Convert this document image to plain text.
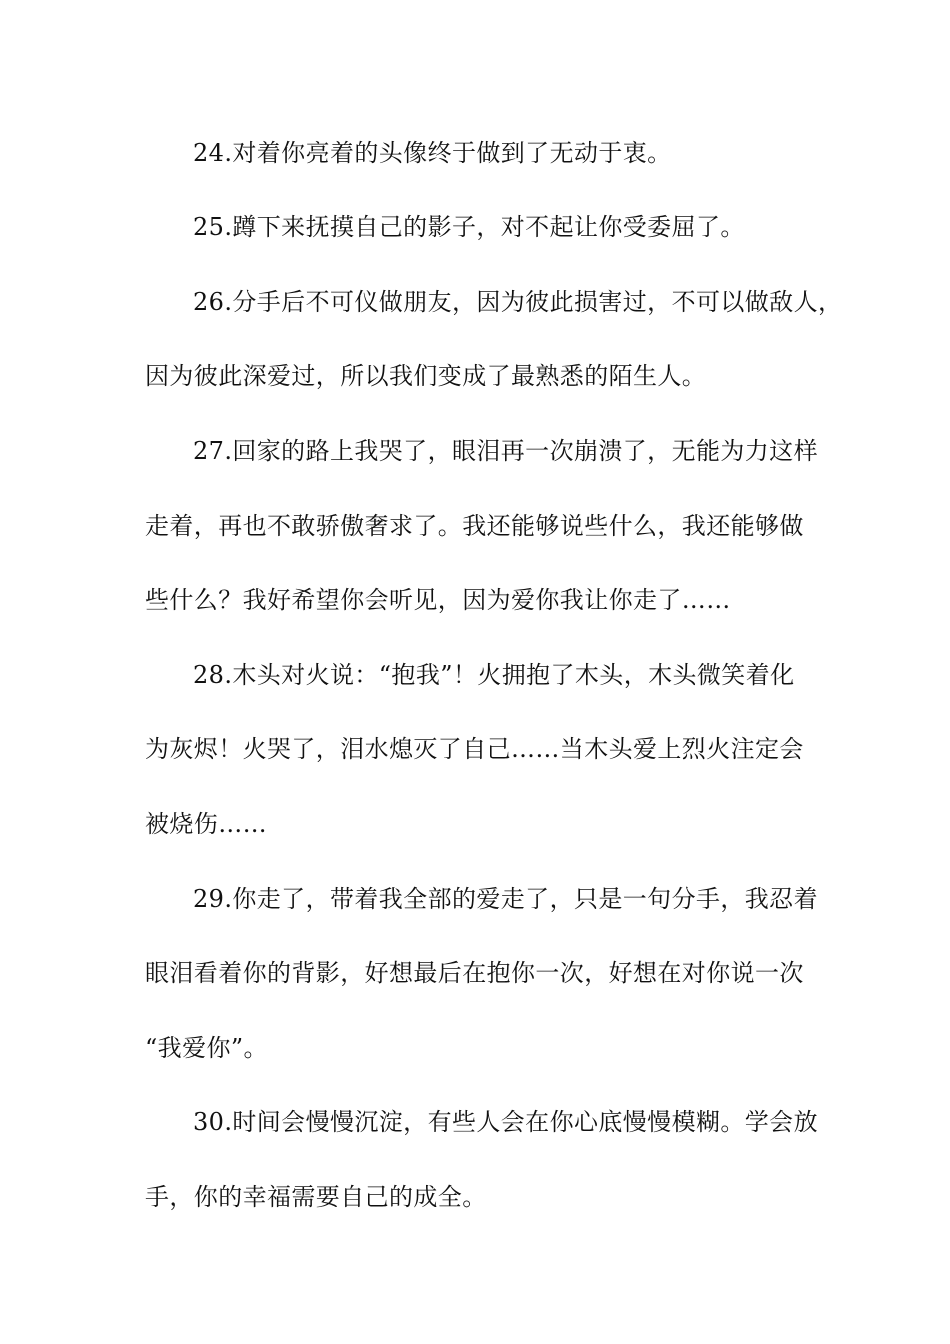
24.对着你亮着的头像终于做到了无动于衷。
25.蹲下来抚摸自己的影子，对不起让你受委屈了。
26.分手后不可仪做朋友，因为彼此损害过，不可以做敌人，
因为彼此深爱过，所以我们变成了最熟悉的陌生人。
27.回家的路上我哭了，眼泪再一次崩溃了，无能为力这样
走着，再也不敢骄傲奢求了。我还能够说些什么，我还能够做
些什么？我好希望你会听见，因为爱你我让你走了……
28.木头对火说：“抱我”！火拥抱了木头，木头微笑着化
为灰烬！火哭了，泪水熄灭了自己……当木头爱上烈火注定会
被烧伤……
29.你走了，带着我全部的爱走了，只是一句分手，我忍着
眼泪看着你的背影，好想最后在抱你一次，好想在对你说一次
“我爱你”。
30.时间会慢慢沉淀，有些人会在你心底慢慢模糊。学会放
手，你的幸福需要自己的成全。
